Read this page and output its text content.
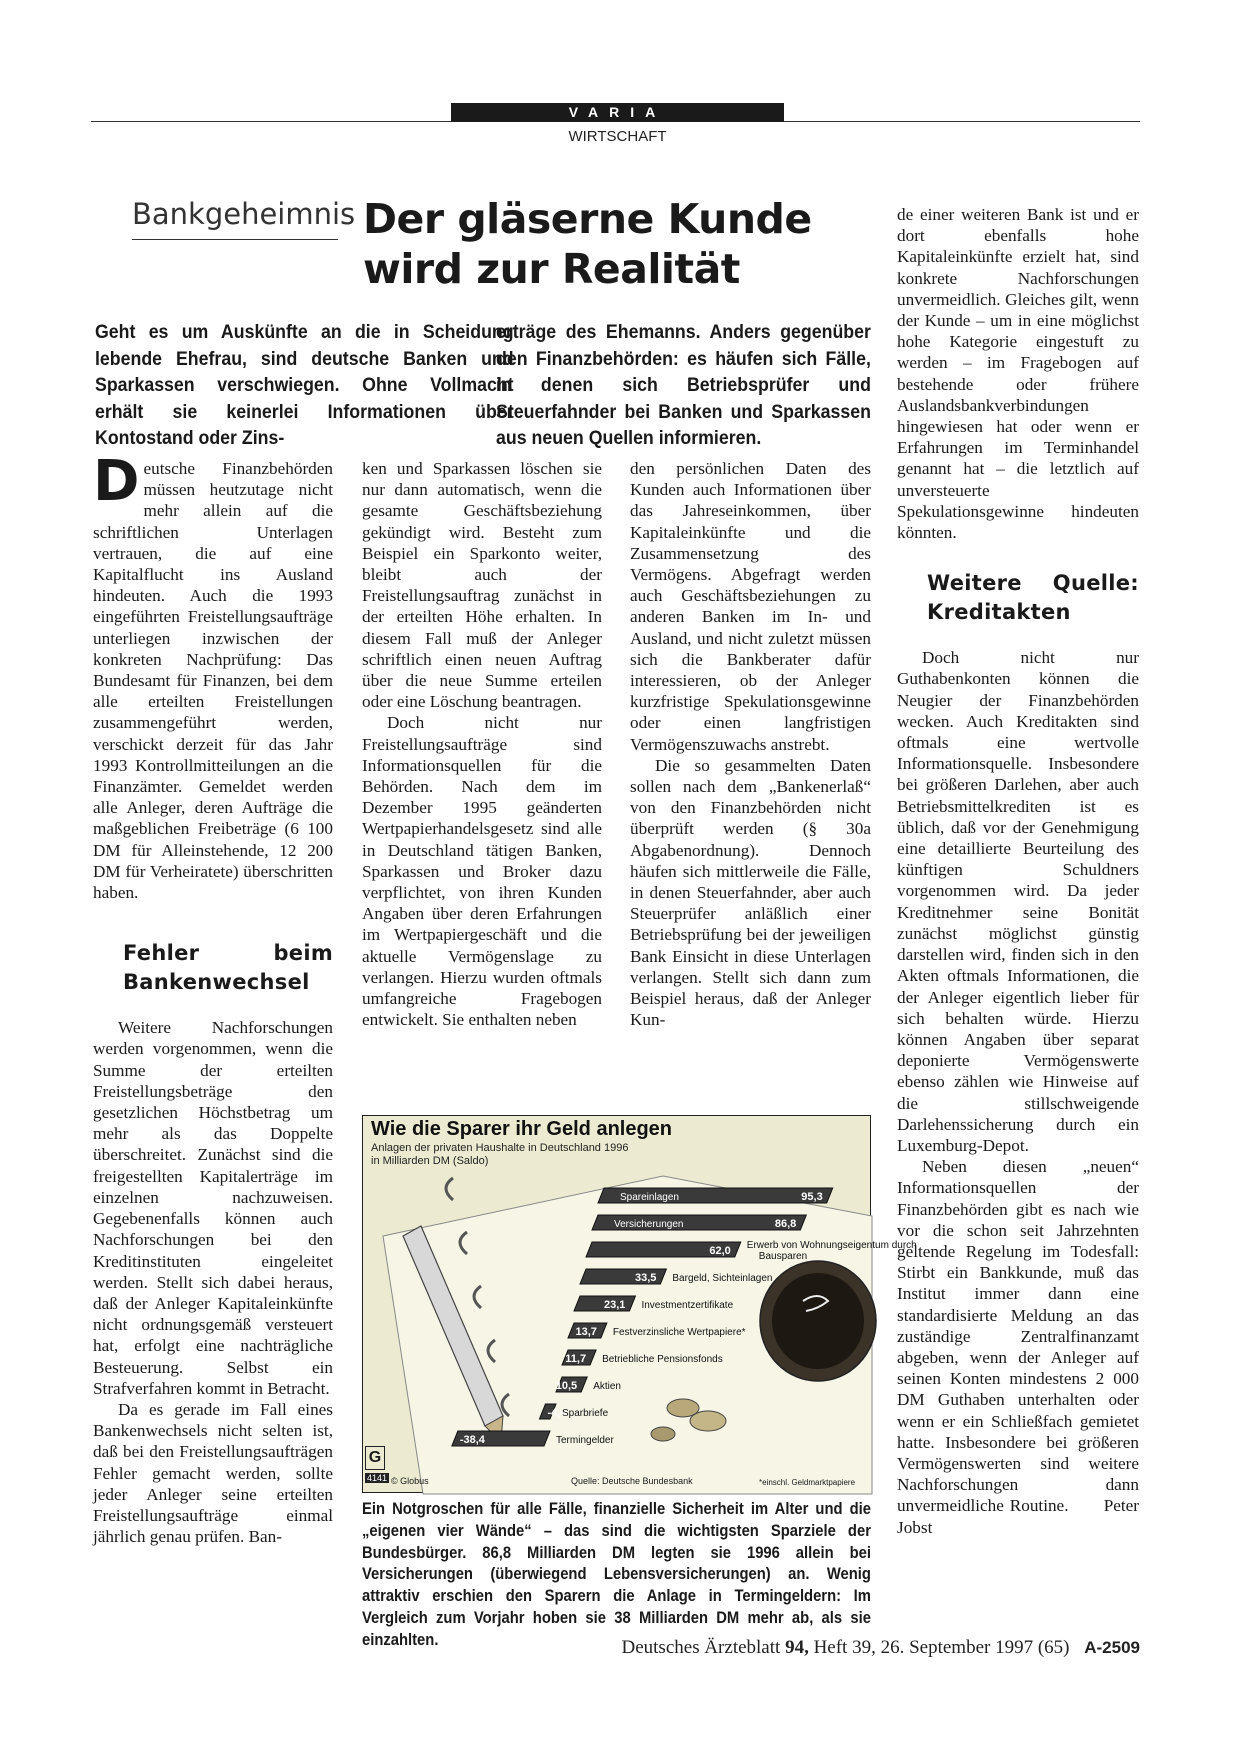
VARIA
WIRTSCHAFT
Bankgeheimnis Der gläserne Kunde
wird zur Realität
Geht es um Auskünfte an die in Scheidung lebende Ehefrau, sind deutsche Banken und Sparkassen verschwiegen. Ohne Vollmacht erhält sie keinerlei Informationen über Kontostand oder Zins-
erträge des Ehemanns. Anders gegenüber den Finanzbehörden: es häufen sich Fälle, in denen sich Betriebsprüfer und Steuerfahnder bei Banken und Sparkassen aus neuen Quellen informieren.

Deutsche Finanzbehörden müssen heutzutage nicht mehr allein auf die schriftlichen Unterlagen vertrauen, die auf eine Kapitalflucht ins Ausland hindeuten. Auch die 1993 eingeführten Freistellungsaufträge unterliegen inzwischen der konkreten Nachprüfung: Das Bundesamt für Finanzen, bei dem alle erteilten Freistellungen zusammengeführt werden, verschickt derzeit für das Jahr 1993 Kontrollmitteilungen an die Finanzämter. Gemeldet werden alle Anleger, deren Aufträge die maßgeblichen Freibeträge (6 100 DM für Alleinstehende, 12 200 DM für Verheiratete) überschritten haben.

Fehler beim Bankenwechsel

Weitere Nachforschungen werden vorgenommen, wenn die Summe der erteilten Freistellungsbeträge den gesetzlichen Höchstbetrag um mehr als das Doppelte überschreitet. Zunächst sind die freigestellten Kapitalerträge im einzelnen nachzuweisen. Gegebenenfalls können auch Nachforschungen bei den Kreditinstituten eingeleitet werden. Stellt sich dabei heraus, daß der Anleger Kapitaleinkünfte nicht ordnungsgemäß versteuert hat, erfolgt eine nachträgliche Besteuerung. Selbst ein Strafverfahren kommt in Betracht.

Da es gerade im Fall eines Bankenwechsels nicht selten ist, daß bei den Freistellungsaufträgen Fehler gemacht werden, sollte jeder Anleger seine erteilten Freistellungsaufträge einmal jährlich genau prüfen. Ban-

ken und Sparkassen löschen sie nur dann automatisch, wenn die gesamte Geschäftsbeziehung gekündigt wird. Besteht zum Beispiel ein Sparkonto weiter, bleibt auch der Freistellungsauftrag zunächst in der erteilten Höhe erhalten. In diesem Fall muß der Anleger schriftlich einen neuen Auftrag über die neue Summe erteilen oder eine Löschung beantragen.

Doch nicht nur Freistellungsaufträge sind Informationsquellen für die Behörden. Nach dem im Dezember 1995 geänderten Wertpapierhandelsgesetz sind alle in Deutschland tätigen Banken, Sparkassen und Broker dazu verpflichtet, von ihren Kunden Angaben über deren Erfahrungen im Wertpapiergeschäft und die aktuelle Vermögenslage zu verlangen. Hierzu wurden oftmals umfangreiche Fragebogen entwickelt. Sie enthalten neben

den persönlichen Daten des Kunden auch Informationen über das Jahreseinkommen, über Kapitaleinkünfte und die Zusammensetzung des Vermögens. Abgefragt werden auch Geschäftsbeziehungen zu anderen Banken im In- und Ausland, und nicht zuletzt müssen sich die Bankberater dafür interessieren, ob der Anleger kurzfristige Spekulationsgewinne oder einen langfristigen Vermögenszuwachs anstrebt.

Die so gesammelten Daten sollen nach dem „Bankenerlaß“ von den Finanzbehörden nicht überprüft werden (§ 30a Abgabenordnung). Dennoch häufen sich mittlerweile die Fälle, in denen Steuerfahnder, aber auch Steuerprüfer anläßlich einer Betriebsprüfung bei der jeweiligen Bank Einsicht in diese Unterlagen verlangen. Stellt sich dann zum Beispiel heraus, daß der Anleger Kun-

de einer weiteren Bank ist und er dort ebenfalls hohe Kapitaleinkünfte erzielt hat, sind konkrete Nachforschungen unvermeidlich. Gleiches gilt, wenn der Kunde – um in eine möglichst hohe Kategorie eingestuft zu werden – im Fragebogen auf bestehende oder frühere Auslandsbankverbindungen hingewiesen hat oder wenn er Erfahrungen im Terminhandel genannt hat – die letztlich auf unversteuerte Spekulationsgewinne hindeuten könnten.

Weitere Quelle: Kreditakten

Doch nicht nur Guthabenkonten können die Neugier der Finanzbehörden wecken. Auch Kreditakten sind oftmals eine wertvolle Informationsquelle. Insbesondere bei größeren Darlehen, aber auch Betriebsmittelkrediten ist es üblich, daß vor der Genehmigung eine detaillierte Beurteilung des künftigen Schuldners vorgenommen wird. Da jeder Kreditnehmer seine Bonität zunächst möglichst günstig darstellen wird, finden sich in den Akten oftmals Informationen, die der Anleger eigentlich lieber für sich behalten würde. Hierzu können Angaben über separat deponierte Vermögenswerte ebenso zählen wie Hinweise auf die stillschweigende Darlehenssicherung durch ein Luxemburg-Depot.

Neben diesen „neuen“ Informationsquellen der Finanzbehörden gibt es nach wie vor die schon seit Jahrzehnten geltende Regelung im Todesfall: Stirbt ein Bankkunde, muß das Institut immer dann eine standardisierte Meldung an das zuständige Zentralfinanzamt abgeben, wenn der Anleger auf seinen Konten mindestens 2 000 DM Guthaben unterhalten oder wenn er ein Schließfach gemietet hatte. Insbesondere bei größeren Vermögenswerten sind weitere Nachforschungen dann unvermeidliche Routine. Peter Jobst

95,3
Spareinlagen
86,8
Versicherungen
62,0 Erwerb von Wohnungseigentum durch Bausparen
33,5 Bargeld, Sichteinlagen
23,1 Investmentzertifikate
13,7 Festverzinsliche Wertpapiere*
11,7 Betriebliche Pensionsfonds
10,5 Aktien
-4,4
Sparbriefe
-38,4	Termingelder
Wie die Sparer ihr Geld anlegen
Anlagen der privaten Haushalte in Deutschland 1996
in Milliarden DM (Saldo)
G
4141 © Globus	Quelle: Deutsche Bundesbank	*einschl. Geldmarktpapiere
Ein Notgroschen für alle Fälle, finanzielle Sicherheit im Alter und die „eigenen vier Wände“ – das sind die wichtigsten Sparziele der Bundesbürger. 86,8 Milliarden DM legten sie 1996 allein bei Versicherungen (überwiegend Lebensversicherungen) an. Wenig attraktiv erschien den Sparern die Anlage in Termingeldern: Im Vergleich zum Vorjahr hoben sie 38 Milliarden DM mehr ab, als sie einzahlten.	Deutsches Ärzteblatt 94, Heft 39, 26. September 1997 (65) A-2509
